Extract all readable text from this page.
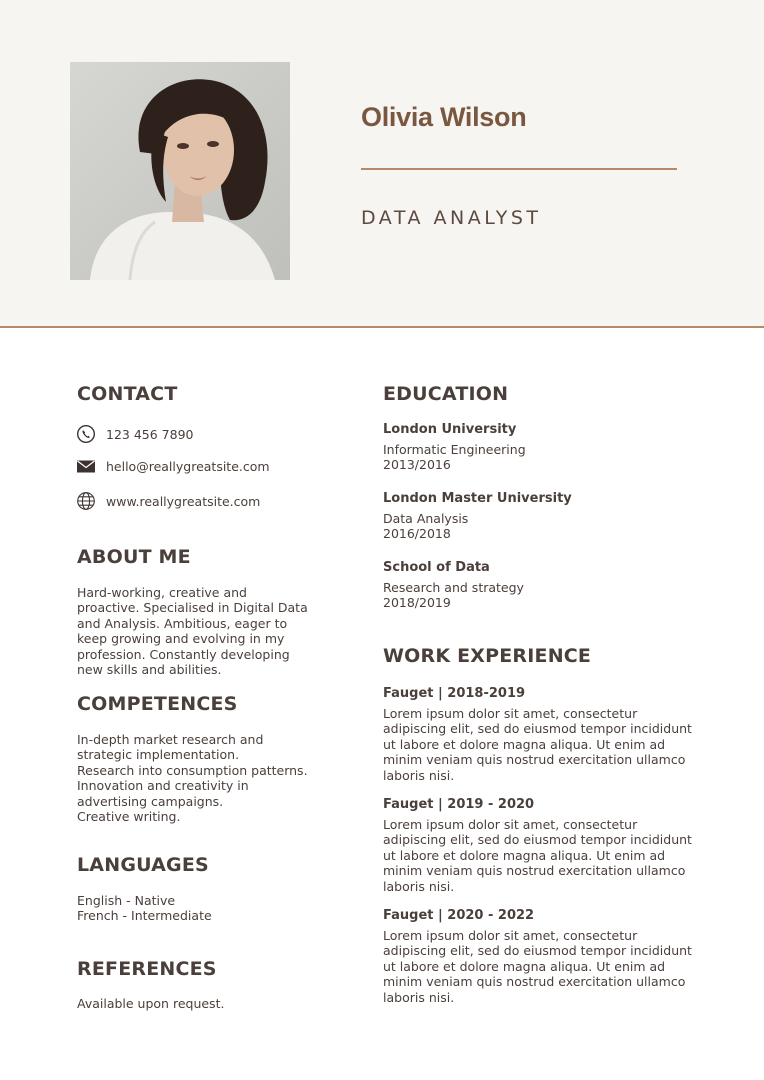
Olivia Wilson
DATA ANALYST
CONTACT
123 456 7890
hello@reallygreatsite.com
www.reallygreatsite.com
ABOUT ME
Hard-working, creative and
proactive. Specialised in Digital Data
and Analysis. Ambitious, eager to
keep growing and evolving in my
profession. Constantly developing
new skills and abilities.
COMPETENCES
In-depth market research and
strategic implementation.
Research into consumption patterns.
Innovation and creativity in
advertising campaigns.
Creative writing.
LANGUAGES
English - Native
French - Intermediate
REFERENCES
Available upon request.
EDUCATION
London University
Informatic Engineering
2013/2016
London Master University
Data Analysis
2016/2018
School of Data
Research and strategy
2018/2019
WORK EXPERIENCE
Fauget | 2018-2019
Lorem ipsum dolor sit amet, consectetur
adipiscing elit, sed do eiusmod tempor incididunt
ut labore et dolore magna aliqua. Ut enim ad
minim veniam quis nostrud exercitation ullamco
laboris nisi.
Fauget | 2019 - 2020
Lorem ipsum dolor sit amet, consectetur
adipiscing elit, sed do eiusmod tempor incididunt
ut labore et dolore magna aliqua. Ut enim ad
minim veniam quis nostrud exercitation ullamco
laboris nisi.
Fauget | 2020 - 2022
Lorem ipsum dolor sit amet, consectetur
adipiscing elit, sed do eiusmod tempor incididunt
ut labore et dolore magna aliqua. Ut enim ad
minim veniam quis nostrud exercitation ullamco
laboris nisi.
